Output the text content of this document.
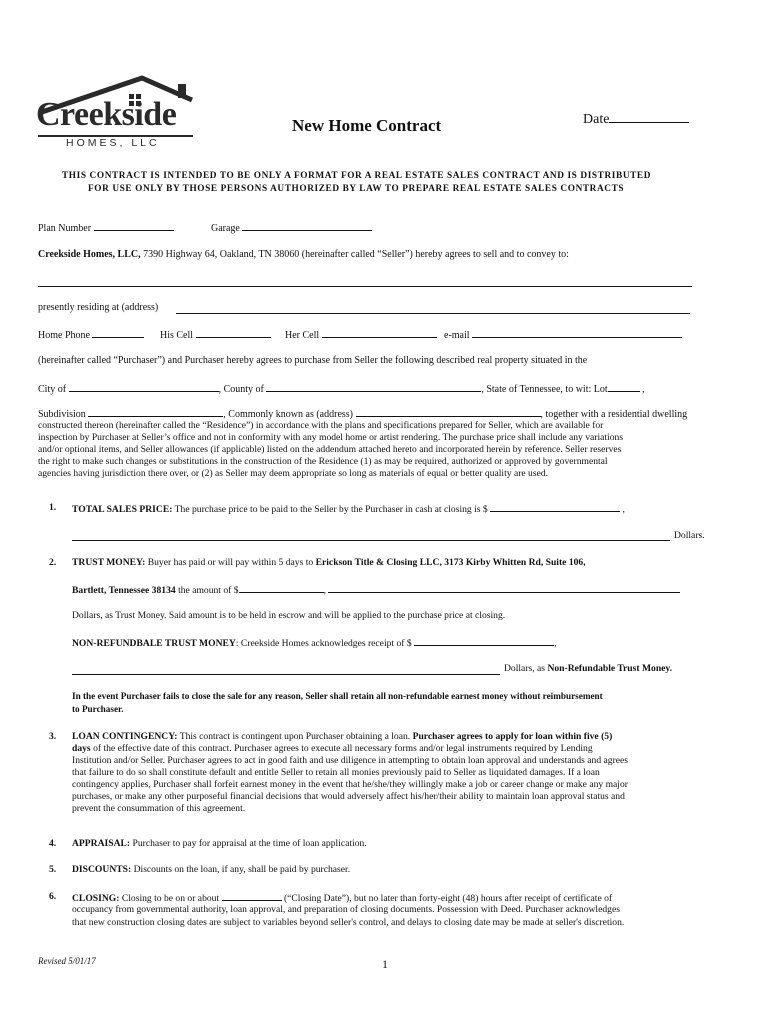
Creekside
HOMES, LLC
New Home Contract	Date
THIS CONTRACT IS INTENDED TO BE ONLY A FORMAT FOR A REAL ESTATE SALES CONTRACT AND IS DISTRIBUTED
FOR USE ONLY BY THOSE PERSONS AUTHORIZED BY LAW TO PREPARE REAL ESTATE SALES CONTRACTS
Plan Number	Garage
Creekside Homes, LLC, 7390 Highway 64, Oakland, TN 38060 (hereinafter called “Seller”) hereby agrees to sell and to convey to:
presently residing at (address)
Home Phone	His Cell	Her Cell	e-mail
(hereinafter called “Purchaser”) and Purchaser hereby agrees to purchase from Seller the following described real property situated in the
City of	, County of	, State of Tennessee, to wit: Lot	,
Subdivision	, Commonly known as (address)	, together with a residential dwelling
constructed thereon (hereinafter called the “Residence”) in accordance with the plans and specifications prepared for Seller, which are available for
inspection by Purchaser at Seller’s office and not in conformity with any model home or artist rendering. The purchase price shall include any variations
and/or optional items, and Seller allowances (if applicable) listed on the addendum attached hereto and incorporated herein by reference. Seller reserves
the right to make such changes or substitutions in the construction of the Residence (1) as may be required, authorized or approved by governmental
agencies having jurisdiction there over, or (2) as Seller may deem appropriate so long as materials of equal or better quality are used.
1. TOTAL SALES PRICE: The purchase price to be paid to the Seller by the Purchaser in cash at closing is $	,
Dollars.
2. TRUST MONEY: Buyer has paid or will pay within 5 days to Erickson Title & Closing LLC, 3173 Kirby Whitten Rd, Suite 106,
Bartlett, Tennessee 38134 the amount of $	,
Dollars, as Trust Money. Said amount is to be held in escrow and will be applied to the purchase price at closing.
NON-REFUNDBALE TRUST MONEY: Creekside Homes acknowledges receipt of $	,
Dollars, as Non-Refundable Trust Money.
In the event Purchaser fails to close the sale for any reason, Seller shall retain all non-refundable earnest money without reimbursement
to Purchaser.
3. LOAN CONTINGENCY: This contract is contingent upon Purchaser obtaining a loan. Purchaser agrees to apply for loan within five (5)
days of the effective date of this contract. Purchaser agrees to execute all necessary forms and/or legal instruments required by Lending
Institution and/or Seller. Purchaser agrees to act in good faith and use diligence in attempting to obtain loan approval and understands and agrees
that failure to do so shall constitute default and entitle Seller to retain all monies previously paid to Seller as liquidated damages. If a loan
contingency applies, Purchaser shall forfeit earnest money in the event that he/she/they willingly make a job or career change or make any major
purchases, or make any other purposeful financial decisions that would adversely affect his/her/their ability to maintain loan approval status and
prevent the consummation of this agreement.
4. APPRAISAL: Purchaser to pay for appraisal at the time of loan application.
5. DISCOUNTS: Discounts on the loan, if any, shall be paid by purchaser.
6. CLOSING: Closing to be on or about	(“Closing Date”), but no later than forty-eight (48) hours after receipt of certificate of
occupancy from governmental authority, loan approval, and preparation of closing documents. Possession with Deed. Purchaser acknowledges
that new construction closing dates are subject to variables beyond seller's control, and delays to closing date may be made at seller's discretion.
Revised 5/01/17	1
